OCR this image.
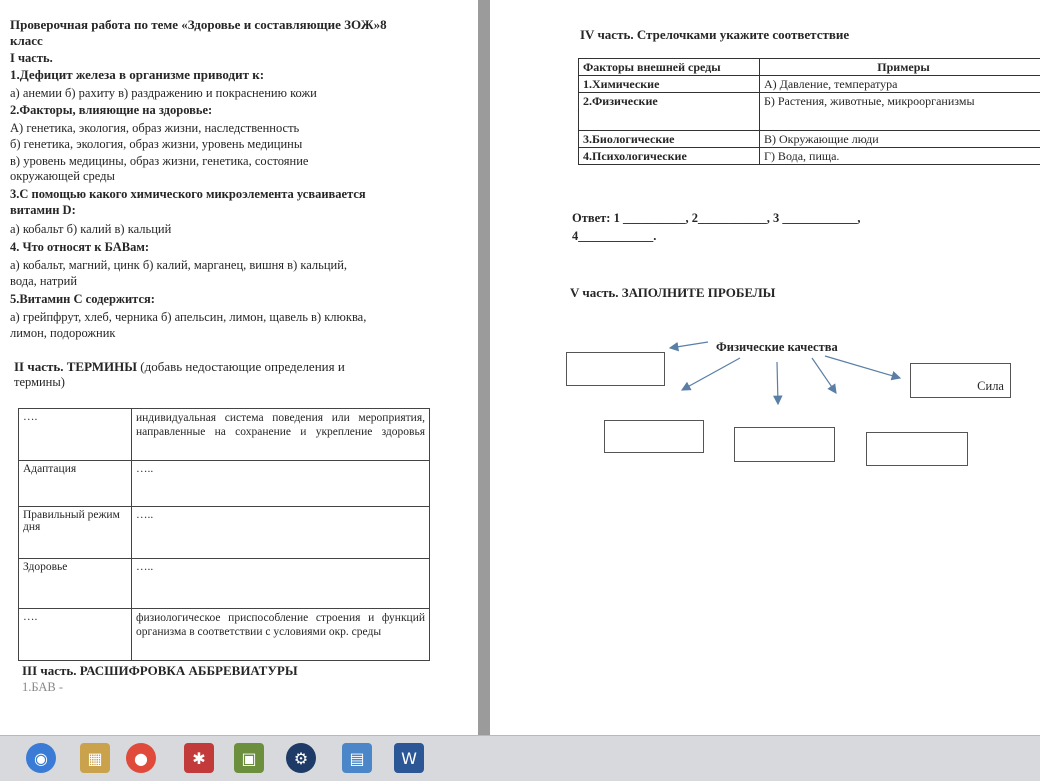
Проверочная работа по теме «Здоровье и составляющие ЗОЖ»8
класс
I часть.
1.Дефицит железа в организме приводит к:
а) анемии б) рахиту в) раздражению и покраснению кожи
2.Факторы, влияющие на здоровье:
А) генетика, экология, образ жизни, наследственность
б) генетика, экология, образ жизни, уровень медицины
в) уровень медицины, образ жизни, генетика, состояние
окружающей среды
3.С помощью какого химического микроэлемента усваивается
витамин D:
а) кобальт б) калий в) кальций
4. Что относят к БАВам:
а) кобальт, магний, цинк б) калий, марганец, вишня в) кальций,
вода, натрий
5.Витамин С содержится:
а) грейпфрут, хлеб, черника б) апельсин, лимон, щавель в) клюква,
лимон, подорожник
II часть. ТЕРМИНЫ (добавь недостающие определения и
термины)
….	индивидуальная система поведения или мероприятия, направленные на сохранение и укрепление здоровья
Адаптация	…..
Правильный режим дня	…..
Здоровье	…..
….	физиологическое приспособление строения и функций организма в соответствии с условиями окр. среды
III часть. РАСШИФРОВКА АББРЕВИАТУРЫ
1.БАВ -
IV часть. Стрелочками укажите соответствие
Факторы внешней среды	Примеры
1.Химические	А) Давление, температура
2.Физические	Б) Растения, животные, микроорганизмы
3.Биологические	В) Окружающие люди
4.Психологические	Г) Вода, пища.
Ответ: 1 __________, 2___________, 3 ____________,
4____________.
V часть. ЗАПОЛНИТЕ ПРОБЕЛЫ
Физические качества
Сила
◉	▦	●	✱	▣	⚙	▤	W
